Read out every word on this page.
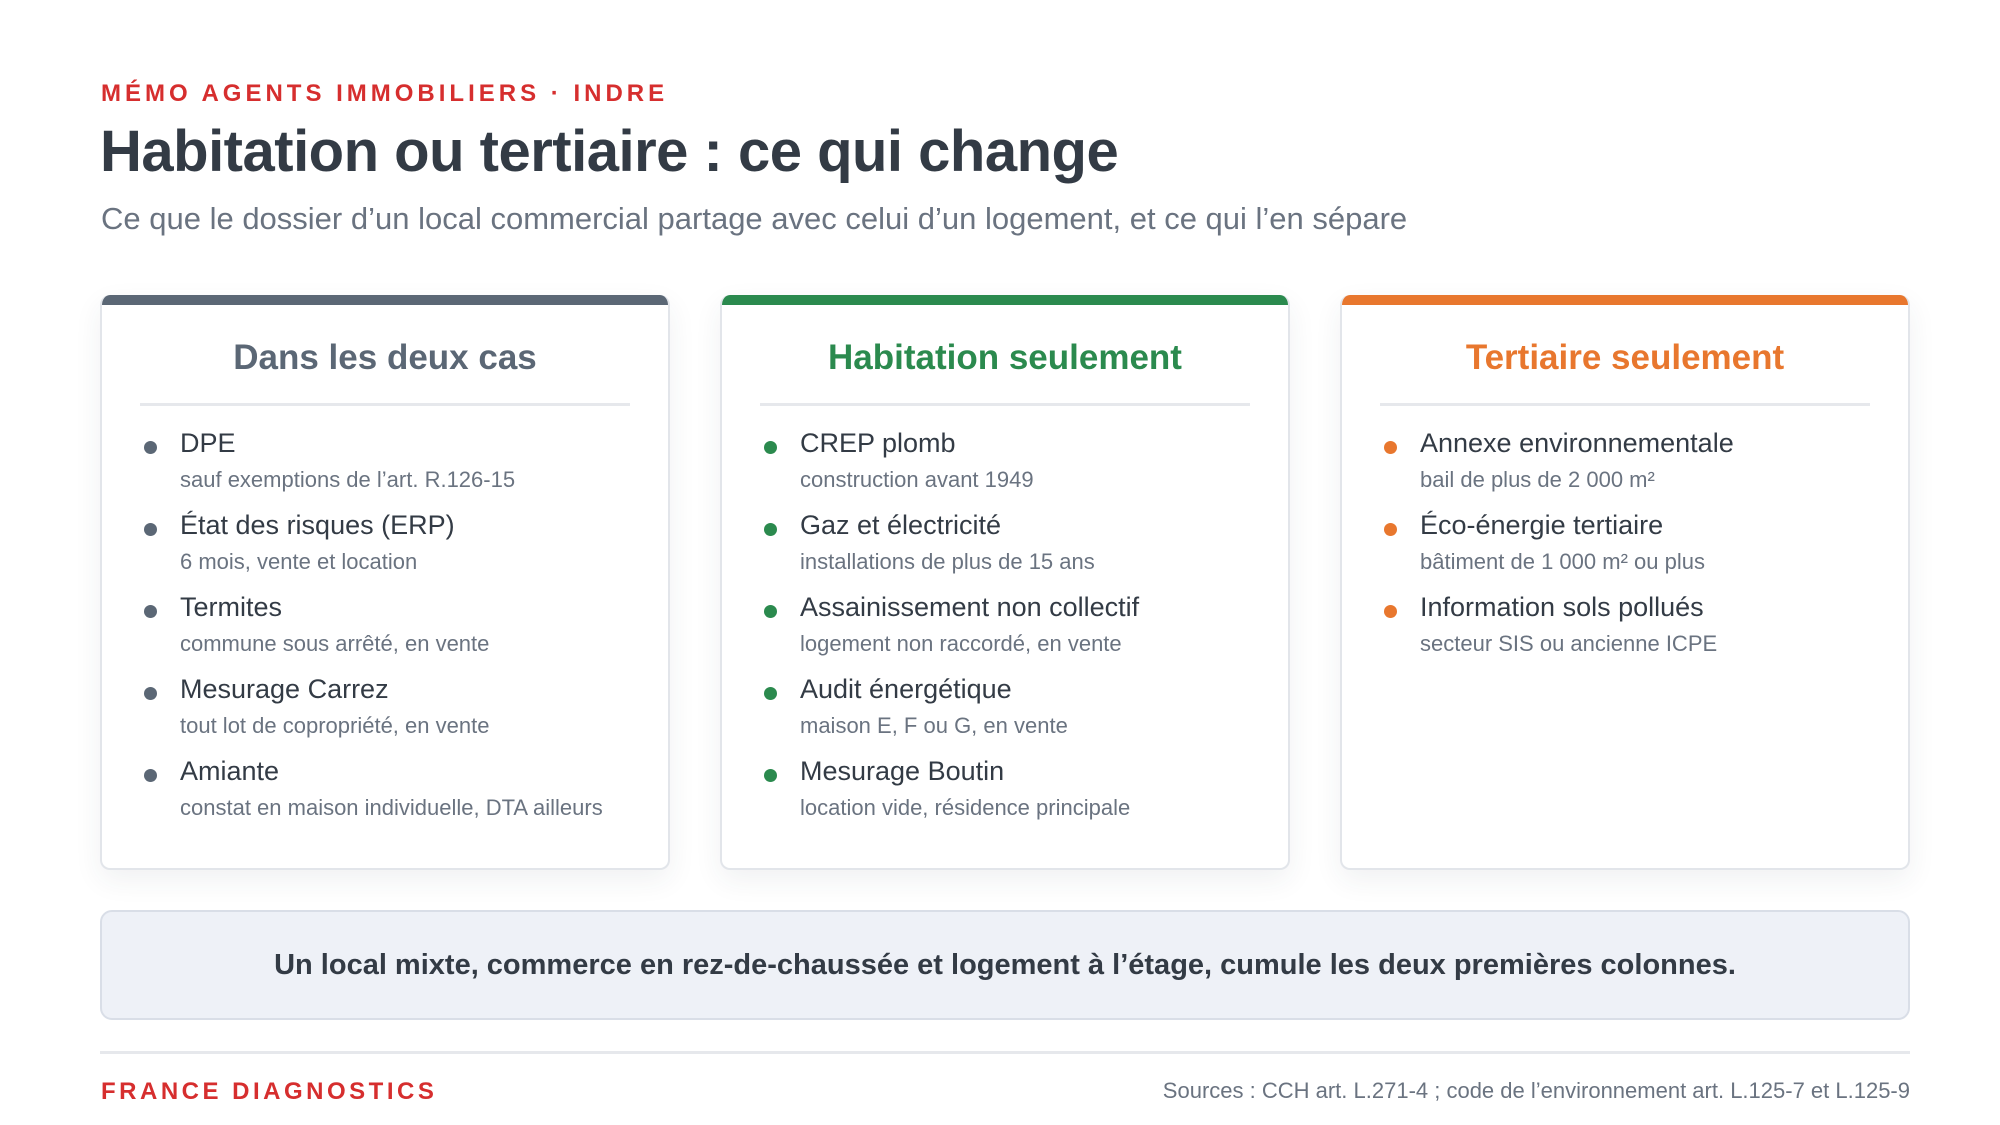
MÉMO AGENTS IMMOBILIERS · INDRE
Habitation ou tertiaire : ce qui change
Ce que le dossier d’un local commercial partage avec celui d’un logement, et ce qui l’en sépare
Dans les deux cas
DPE
sauf exemptions de l’art. R.126-15
État des risques (ERP)
6 mois, vente et location
Termites
commune sous arrêté, en vente
Mesurage Carrez
tout lot de copropriété, en vente
Amiante
constat en maison individuelle, DTA ailleurs
Habitation seulement
CREP plomb
construction avant 1949
Gaz et électricité
installations de plus de 15 ans
Assainissement non collectif
logement non raccordé, en vente
Audit énergétique
maison E, F ou G, en vente
Mesurage Boutin
location vide, résidence principale
Tertiaire seulement
Annexe environnementale
bail de plus de 2 000 m²
Éco-énergie tertiaire
bâtiment de 1 000 m² ou plus
Information sols pollués
secteur SIS ou ancienne ICPE
Un local mixte, commerce en rez-de-chaussée et logement à l’étage, cumule les deux premières colonnes.
FRANCE DIAGNOSTICS	Sources : CCH art. L.271-4 ; code de l’environnement art. L.125-7 et L.125-9
